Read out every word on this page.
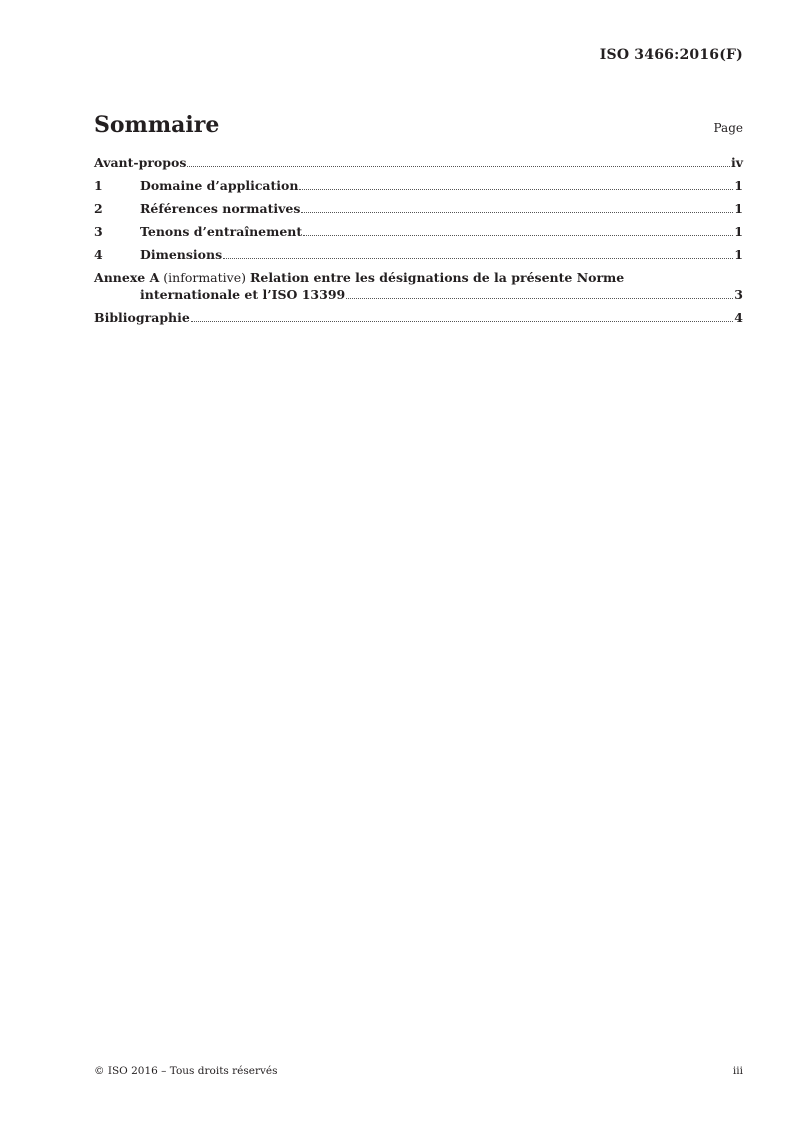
ISO 3466:2016(F)
Sommaire	Page
Avant-propos	iv
1	Domaine d’application	1
2	Références normatives	1
3	Tenons d’entraînement	1
4	Dimensions	1
Annexe A (informative) Relation entre les désignations de la présente Norme
internationale et l’ISO 13399	3
Bibliographie	4
© ISO 2016 – Tous droits réservés	iii
